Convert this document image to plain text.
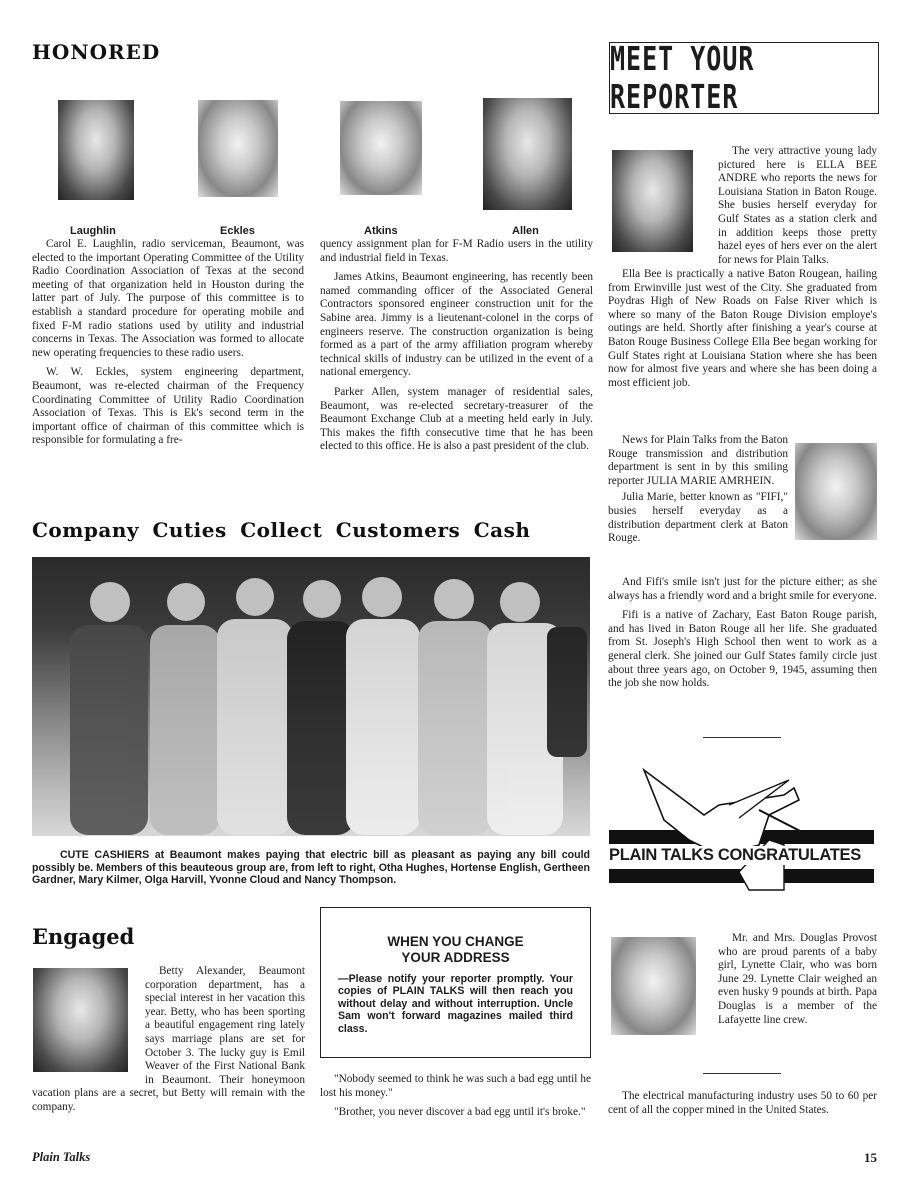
HONORED
Laughlin	Eckles	Atkins	Allen

Carol E. Laughlin, radio serviceman, Beaumont, was elected to the important Operating Committee of the Utility Radio Coordination Association of Texas at the second meeting of that organization held in Houston during the latter part of July. The purpose of this committee is to establish a standard procedure for operating mobile and fixed F-M radio stations used by utility and industrial concerns in Texas. The Association was formed to allocate new operating frequencies to these radio users.

W. W. Eckles, system engineering department, Beaumont, was re-elected chairman of the Frequency Coordinating Committee of Utility Radio Coordination Association of Texas. This is Ek's second term in the important office of chairman of this committee which is responsible for formulating a fre-

quency assignment plan for F-M Radio users in the utility and industrial field in Texas.

James Atkins, Beaumont engineering, has recently been named commanding officer of the Associated General Contractors sponsored engineer construction unit for the Sabine area. Jimmy is a lieutenant-colonel in the corps of engineers reserve. The construction organization is being formed as a part of the army affiliation program whereby technical skills of industry can be utilized in the event of a national emergency.

Parker Allen, system manager of residential sales, Beaumont, was re-elected secretary-treasurer of the Beaumont Exchange Club at a meeting held early in July. This makes the fifth consecutive time that he has been elected to this office. He is also a past president of the club.

MEET YOUR REPORTER

The very attractive young lady pictured here is ELLA BEE ANDRE who reports the news for Louisiana Station in Baton Rouge. She busies herself everyday for Gulf States as a station clerk and in addition keeps those pretty hazel eyes of hers ever on the alert for news for Plain Talks.

Ella Bee is practically a native Baton Rougean, hailing from Erwinville just west of the City. She graduated from Poydras High of New Roads on False River which is where so many of the Baton Rouge Division employe's outings are held. Shortly after finishing a year's course at Baton Rouge Business College Ella Bee began working for Gulf States right at Louisiana Station where she has been now for almost five years and where she has been doing a most efficient job.

News for Plain Talks from the Baton Rouge transmission and distribution department is sent in by this smiling reporter JULIA MARIE AMRHEIN.

Julia Marie, better known as "FIFI," busies herself everyday as a distribution department clerk at Baton Rouge.

And Fifi's smile isn't just for the picture either; as she always has a friendly word and a bright smile for everyone.

Fifi is a native of Zachary, East Baton Rouge parish, and has lived in Baton Rouge all her life. She graduated from St. Joseph's High School then went to work as a general clerk. She joined our Gulf States family circle just about three years ago, on October 9, 1945, assuming then the job she now holds.

Company Cuties Collect Customers Cash
CUTE CASHIERS at Beaumont makes paying that electric bill as pleasant as paying any bill could possibly be. Members of this beauteous group are, from left to right, Otha Hughes, Hortense English, Gertheen Gardner, Mary Kilmer, Olga Harvill, Yvonne Cloud and Nancy Thompson.
PLAIN TALKS CONGRATULATES
Engaged

Betty Alexander, Beaumont corporation department, has a special interest in her vacation this year. Betty, who has been sporting a beautiful engagement ring lately says marriage plans are set for October 3. The lucky guy is Emil Weaver of the First National Bank in Beaumont. Their honeymoon vacation plans are a secret, but Betty will remain with the company.

WHEN YOU CHANGE
YOUR ADDRESS
—Please notify your reporter promptly. Your copies of PLAIN TALKS will then reach you without delay and without interruption. Uncle Sam won't forward magazines mailed third class.

"Nobody seemed to think he was such a bad egg until he lost his money."

"Brother, you never discover a bad egg until it's broke."

Mr. and Mrs. Douglas Provost who are proud parents of a baby girl, Lynette Clair, who was born June 29. Lynette Clair weighed an even husky 9 pounds at birth. Papa Douglas is a member of the Lafayette line crew.

The electrical manufacturing industry uses 50 to 60 per cent of all the copper mined in the United States.

Plain Talks	15
